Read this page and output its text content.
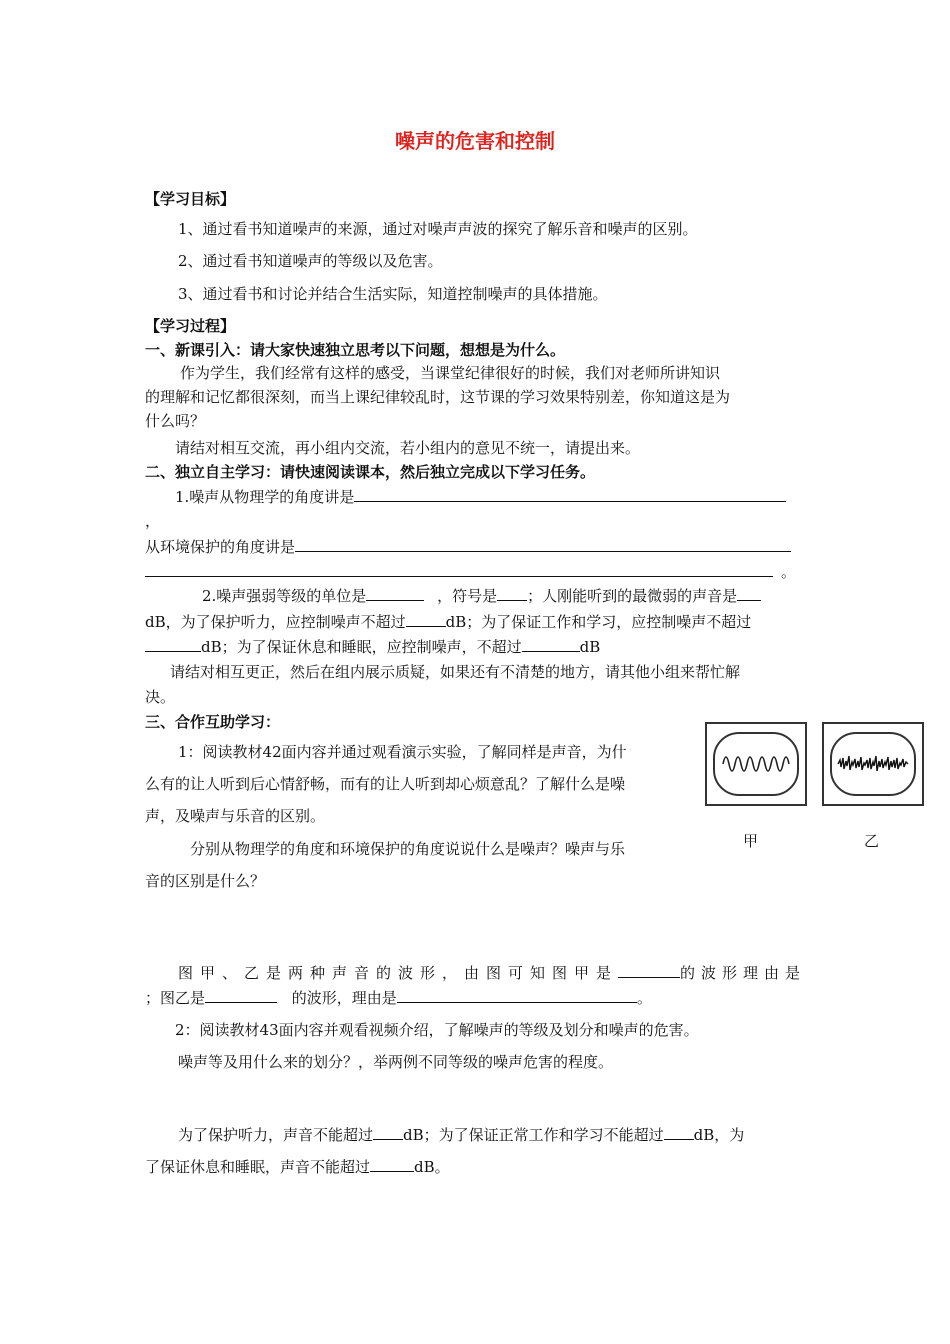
噪声的危害和控制
【学习目标】
1、通过看书知道噪声的来源，通过对噪声声波的探究了解乐音和噪声的区别。
2、通过看书知道噪声的等级以及危害。
3、通过看书和讨论并结合生活实际，知道控制噪声的具体措施。
【学习过程】
一、新课引入：请大家快速独立思考以下问题，想想是为什么。
作为学生，我们经常有这样的感受，当课堂纪律很好的时候，我们对老师所讲知识
的理解和记忆都很深刻，而当上课纪律较乱时，这节课的学习效果特别差，你知道这是为
什么吗？
请结对相互交流，再小组内交流，若小组内的意见不统一，请提出来。
二、独立自主学习：请快速阅读课本，然后独立完成以下学习任务。
1.噪声从物理学的角度讲是
，
从环境保护的角度讲是
。
2.噪声强弱等级的单位是	，符号是 ；人刚能听到的最微弱的声音是
dB，为了保护听力，应控制噪声不超过	dB；为了保证工作和学习，应控制噪声不超过
dB；为了保证休息和睡眠，应控制噪声，不超过	dB
请结对相互更正，然后在组内展示质疑，如果还有不清楚的地方，请其他小组来帮忙解
决。
三、合作互助学习：
1：阅读教材42面内容并通过观看演示实验，了解同样是声音，为什
么有的让人听到后心情舒畅，而有的让人听到却心烦意乱？了解什么是噪
声，及噪声与乐音的区别。
分别从物理学的角度和环境保护的角度说说什么是噪声？噪声与乐
音的区别是什么？
甲	乙
图甲、乙是两种声音的波形，由图可知图甲是	的波形理由是
；图乙是	的波形，理由是	。
2：阅读教材43面内容并观看视频介绍，了解噪声的等级及划分和噪声的危害。
噪声等及用什么来的划分？，举两例不同等级的噪声危害的程度。
为了保护听力，声音不能超过 dB；为了保证正常工作和学习不能超过 dB，为
了保证休息和睡眠，声音不能超过	dB。
